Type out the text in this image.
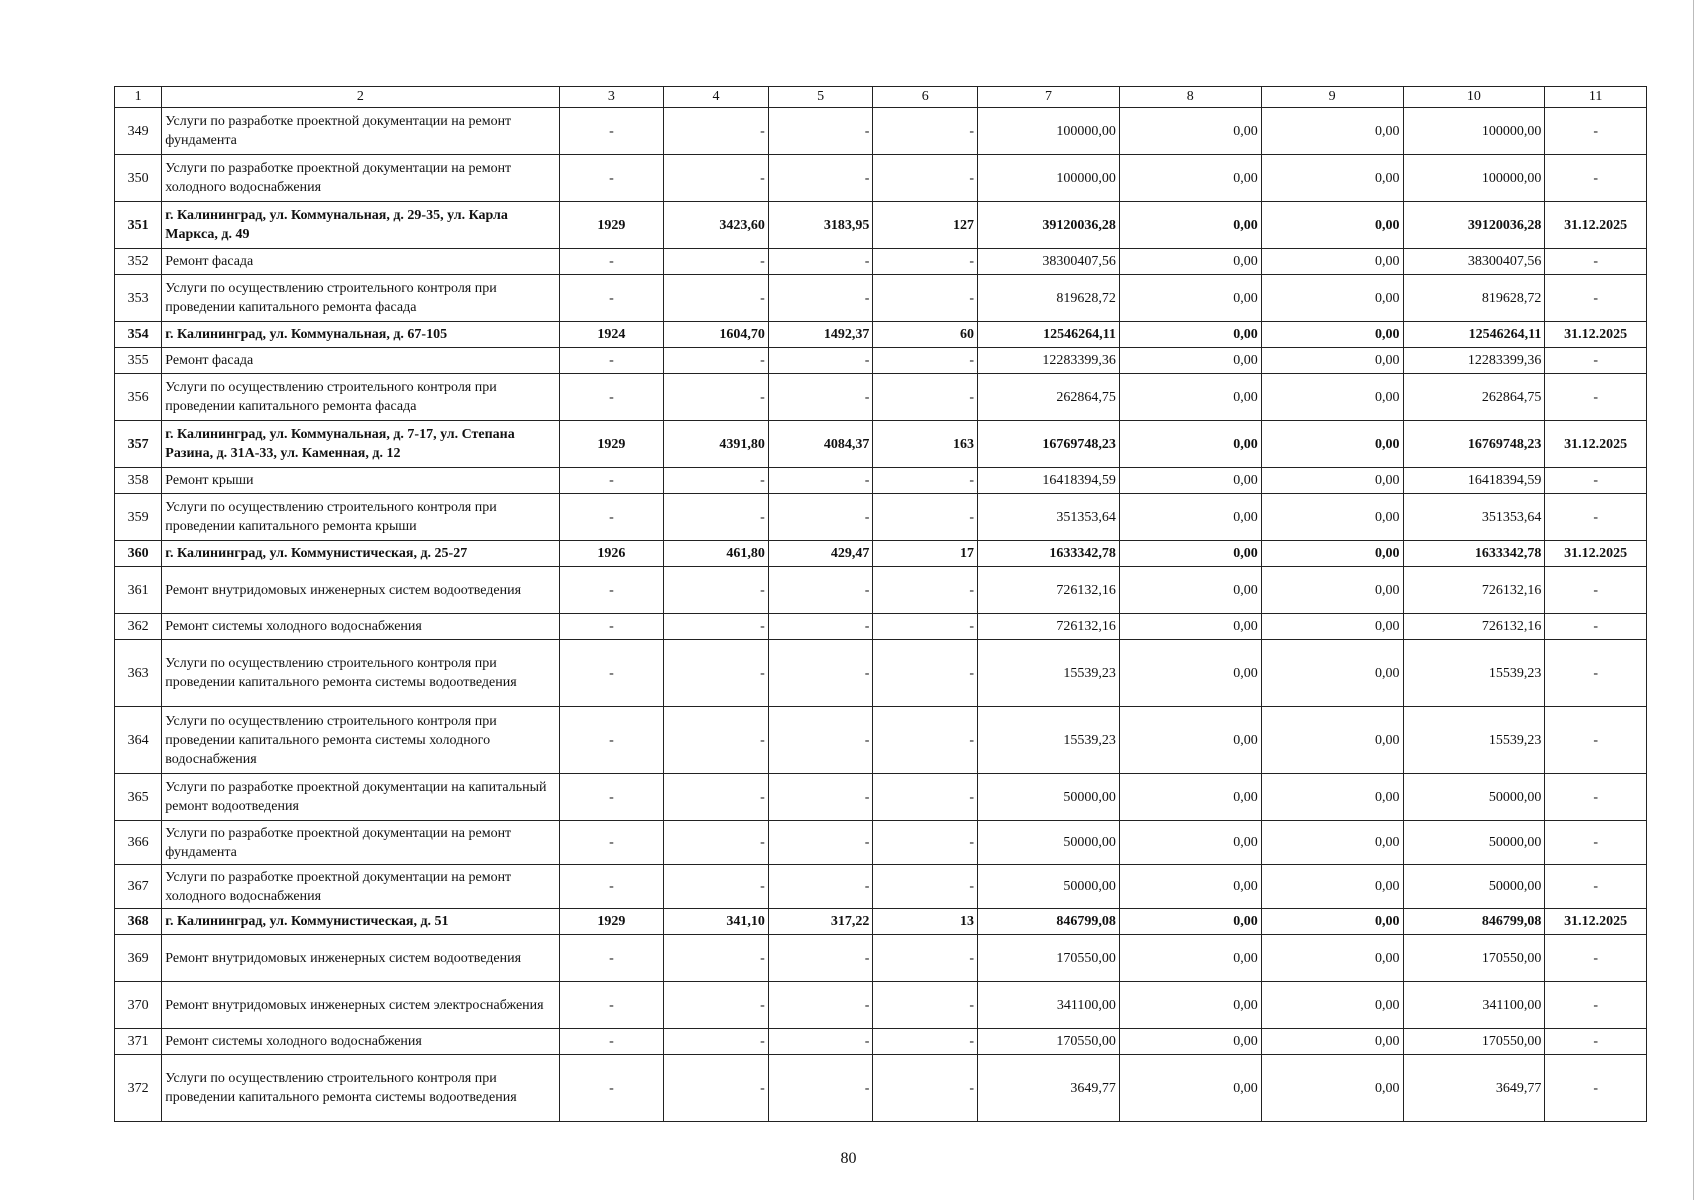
1	2	3	4	5	6	7	8	9	10	11
349	Услуги по разработке проектной документации на ремонт фундамента	-	-	-	-	100000,00	0,00	0,00	100000,00	-
350	Услуги по разработке проектной документации на ремонт холодного водоснабжения	-	-	-	-	100000,00	0,00	0,00	100000,00	-
351	г. Калининград, ул. Коммунальная, д. 29-35, ул. Карла Маркса, д. 49	1929	3423,60	3183,95	127	39120036,28	0,00	0,00	39120036,28	31.12.2025
352	Ремонт фасада	-	-	-	-	38300407,56	0,00	0,00	38300407,56	-
353	Услуги по осуществлению строительного контроля при проведении капитального ремонта фасада	-	-	-	-	819628,72	0,00	0,00	819628,72	-
354	г. Калининград, ул. Коммунальная, д. 67-105	1924	1604,70	1492,37	60	12546264,11	0,00	0,00	12546264,11	31.12.2025
355	Ремонт фасада	-	-	-	-	12283399,36	0,00	0,00	12283399,36	-
356	Услуги по осуществлению строительного контроля при проведении капитального ремонта фасада	-	-	-	-	262864,75	0,00	0,00	262864,75	-
357	г. Калининград, ул. Коммунальная, д. 7-17, ул. Степана Разина, д. 31А-33, ул. Каменная, д. 12	1929	4391,80	4084,37	163	16769748,23	0,00	0,00	16769748,23	31.12.2025
358	Ремонт крыши	-	-	-	-	16418394,59	0,00	0,00	16418394,59	-
359	Услуги по осуществлению строительного контроля при проведении капитального ремонта крыши	-	-	-	-	351353,64	0,00	0,00	351353,64	-
360	г. Калининград, ул. Коммунистическая, д. 25-27	1926	461,80	429,47	17	1633342,78	0,00	0,00	1633342,78	31.12.2025
361	Ремонт внутридомовых инженерных систем водоотведения	-	-	-	-	726132,16	0,00	0,00	726132,16	-
362	Ремонт системы холодного водоснабжения	-	-	-	-	726132,16	0,00	0,00	726132,16	-
363	Услуги по осуществлению строительного контроля при проведении капитального ремонта системы водоотведения	-	-	-	-	15539,23	0,00	0,00	15539,23	-
364	Услуги по осуществлению строительного контроля при проведении капитального ремонта системы холодного водоснабжения	-	-	-	-	15539,23	0,00	0,00	15539,23	-
365	Услуги по разработке проектной документации на капитальный ремонт водоотведения	-	-	-	-	50000,00	0,00	0,00	50000,00	-
366	Услуги по разработке проектной документации на ремонт фундамента	-	-	-	-	50000,00	0,00	0,00	50000,00	-
367	Услуги по разработке проектной документации на ремонт холодного водоснабжения	-	-	-	-	50000,00	0,00	0,00	50000,00	-
368	г. Калининград, ул. Коммунистическая, д. 51	1929	341,10	317,22	13	846799,08	0,00	0,00	846799,08	31.12.2025
369	Ремонт внутридомовых инженерных систем водоотведения	-	-	-	-	170550,00	0,00	0,00	170550,00	-
370	Ремонт внутридомовых инженерных систем электроснабжения	-	-	-	-	341100,00	0,00	0,00	341100,00	-
371	Ремонт системы холодного водоснабжения	-	-	-	-	170550,00	0,00	0,00	170550,00	-
372	Услуги по осуществлению строительного контроля при проведении капитального ремонта системы водоотведения	-	-	-	-	3649,77	0,00	0,00	3649,77	-
80
